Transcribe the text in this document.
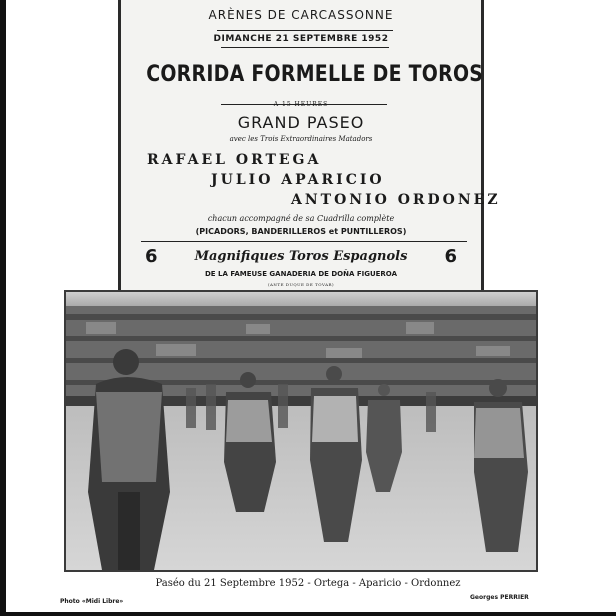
ARÈNES DE CARCASSONNE
DIMANCHE 21 SEPTEMBRE 1952
CORRIDA FORMELLE DE TOROS
A 15 HEURES
GRAND PASEO
avec les Trois Extraordinaires Matadors
RAFAEL ORTEGA
JULIO APARICIO
ANTONIO ORDONEZ
chacun accompagné de sa Cuadrilla complète
(PICADORS, BANDERILLEROS et PUNTILLEROS)
6	Magnifiques Toros Espagnols	6
DE LA FAMEUSE GANADERIA DE DOÑA FIGUEROA
(ANTE DUQUE DE TOVAR)
Paséo du 21 Septembre 1952 - Ortega - Aparicio - Ordonnez
Photo «Midi Libre»
Georges PERRIER
